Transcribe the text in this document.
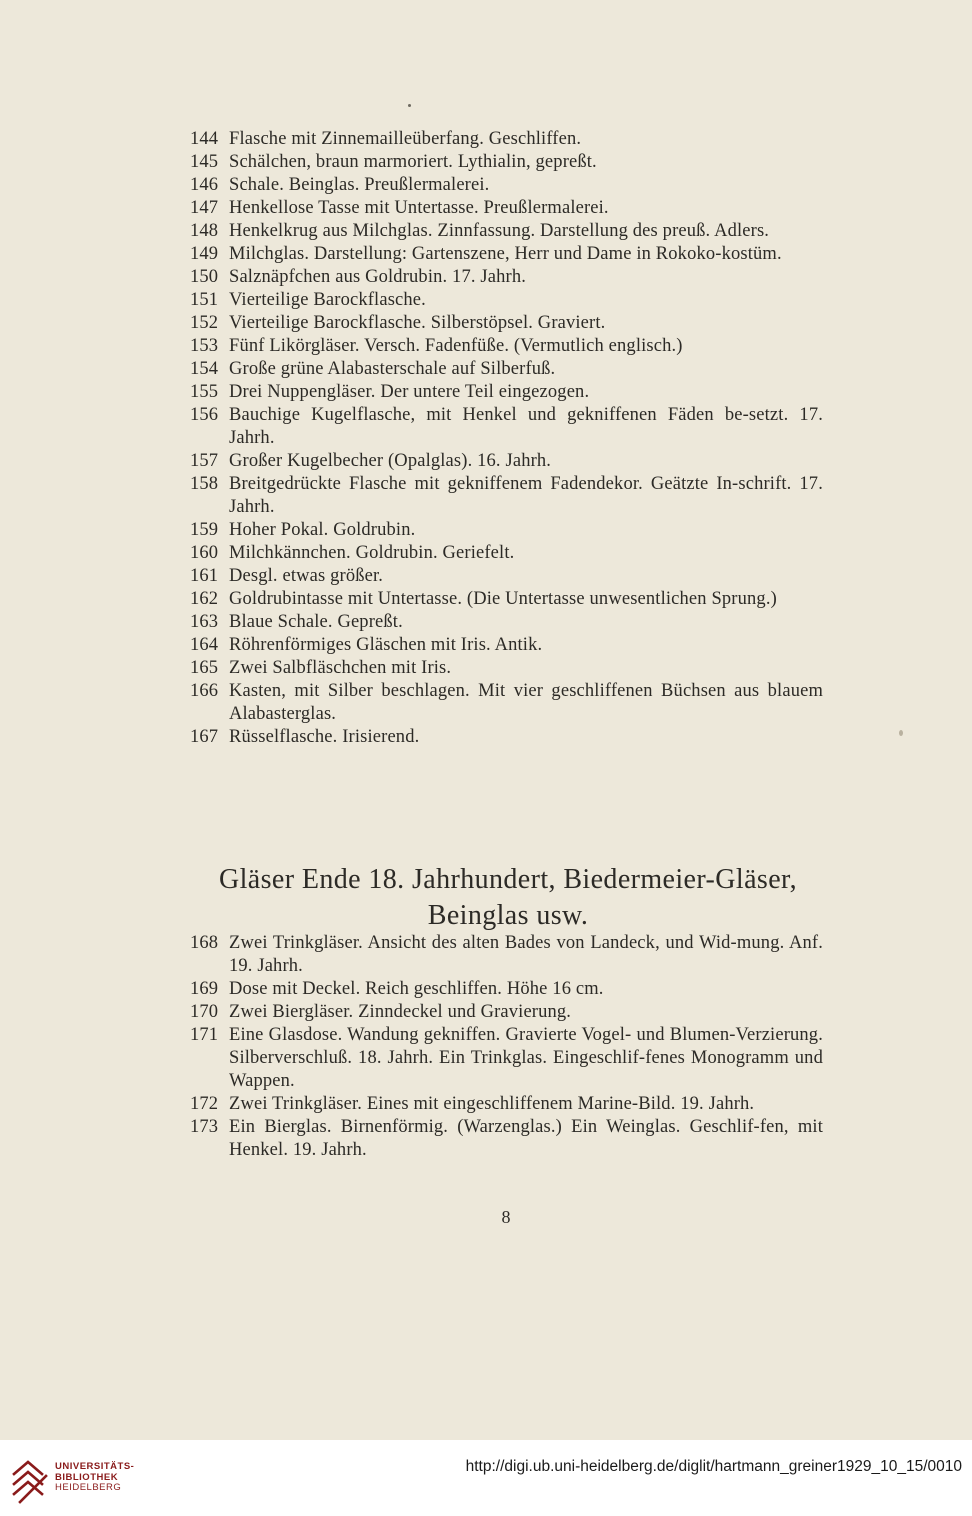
144 Flasche mit Zinnemailleüberfang. Geschliffen.
145 Schälchen, braun marmoriert. Lythialin, gepreßt.
146 Schale. Beinglas. Preußlermalerei.
147 Henkellose Tasse mit Untertasse. Preußlermalerei.
148 Henkelkrug aus Milchglas. Zinnfassung. Darstellung des preuß. Adlers.
149 Milchglas. Darstellung: Gartenszene, Herr und Dame in Rokoko-kostüm.
150 Salznäpfchen aus Goldrubin. 17. Jahrh.
151 Vierteilige Barockflasche.
152 Vierteilige Barockflasche. Silberstöpsel. Graviert.
153 Fünf Likörgläser. Versch. Fadenfüße. (Vermutlich englisch.)
154 Große grüne Alabasterschale auf Silberfuß.
155 Drei Nuppengläser. Der untere Teil eingezogen.
156 Bauchige Kugelflasche, mit Henkel und gekniffenen Fäden be-setzt. 17. Jahrh.
157 Großer Kugelbecher (Opalglas). 16. Jahrh.
158 Breitgedrückte Flasche mit gekniffenem Fadendekor. Geätzte In-schrift. 17. Jahrh.
159 Hoher Pokal. Goldrubin.
160 Milchkännchen. Goldrubin. Geriefelt.
161 Desgl. etwas größer.
162 Goldrubintasse mit Untertasse. (Die Untertasse unwesentlichen Sprung.)
163 Blaue Schale. Gepreßt.
164 Röhrenförmiges Gläschen mit Iris. Antik.
165 Zwei Salbfläschchen mit Iris.
166 Kasten, mit Silber beschlagen. Mit vier geschliffenen Büchsen aus blauem Alabasterglas.
167 Rüsselflasche. Irisierend.
Gläser Ende 18. Jahrhundert, Biedermeier-Gläser,
Beinglas usw.
168 Zwei Trinkgläser. Ansicht des alten Bades von Landeck, und Wid-mung. Anf. 19. Jahrh.
169 Dose mit Deckel. Reich geschliffen. Höhe 16 cm.
170 Zwei Biergläser. Zinndeckel und Gravierung.
171 Eine Glasdose. Wandung gekniffen. Gravierte Vogel- und Blumen-Verzierung. Silberverschluß. 18. Jahrh. Ein Trinkglas. Eingeschlif-fenes Monogramm und Wappen.
172 Zwei Trinkgläser. Eines mit eingeschliffenem Marine-Bild. 19. Jahrh.
173 Ein Bierglas. Birnenförmig. (Warzenglas.) Ein Weinglas. Geschlif-fen, mit Henkel. 19. Jahrh.
8
UNIVERSITÄTS-
BIBLIOTHEK
HEIDELBERG
http://digi.ub.uni-heidelberg.de/diglit/hartmann_greiner1929_10_15/0010
